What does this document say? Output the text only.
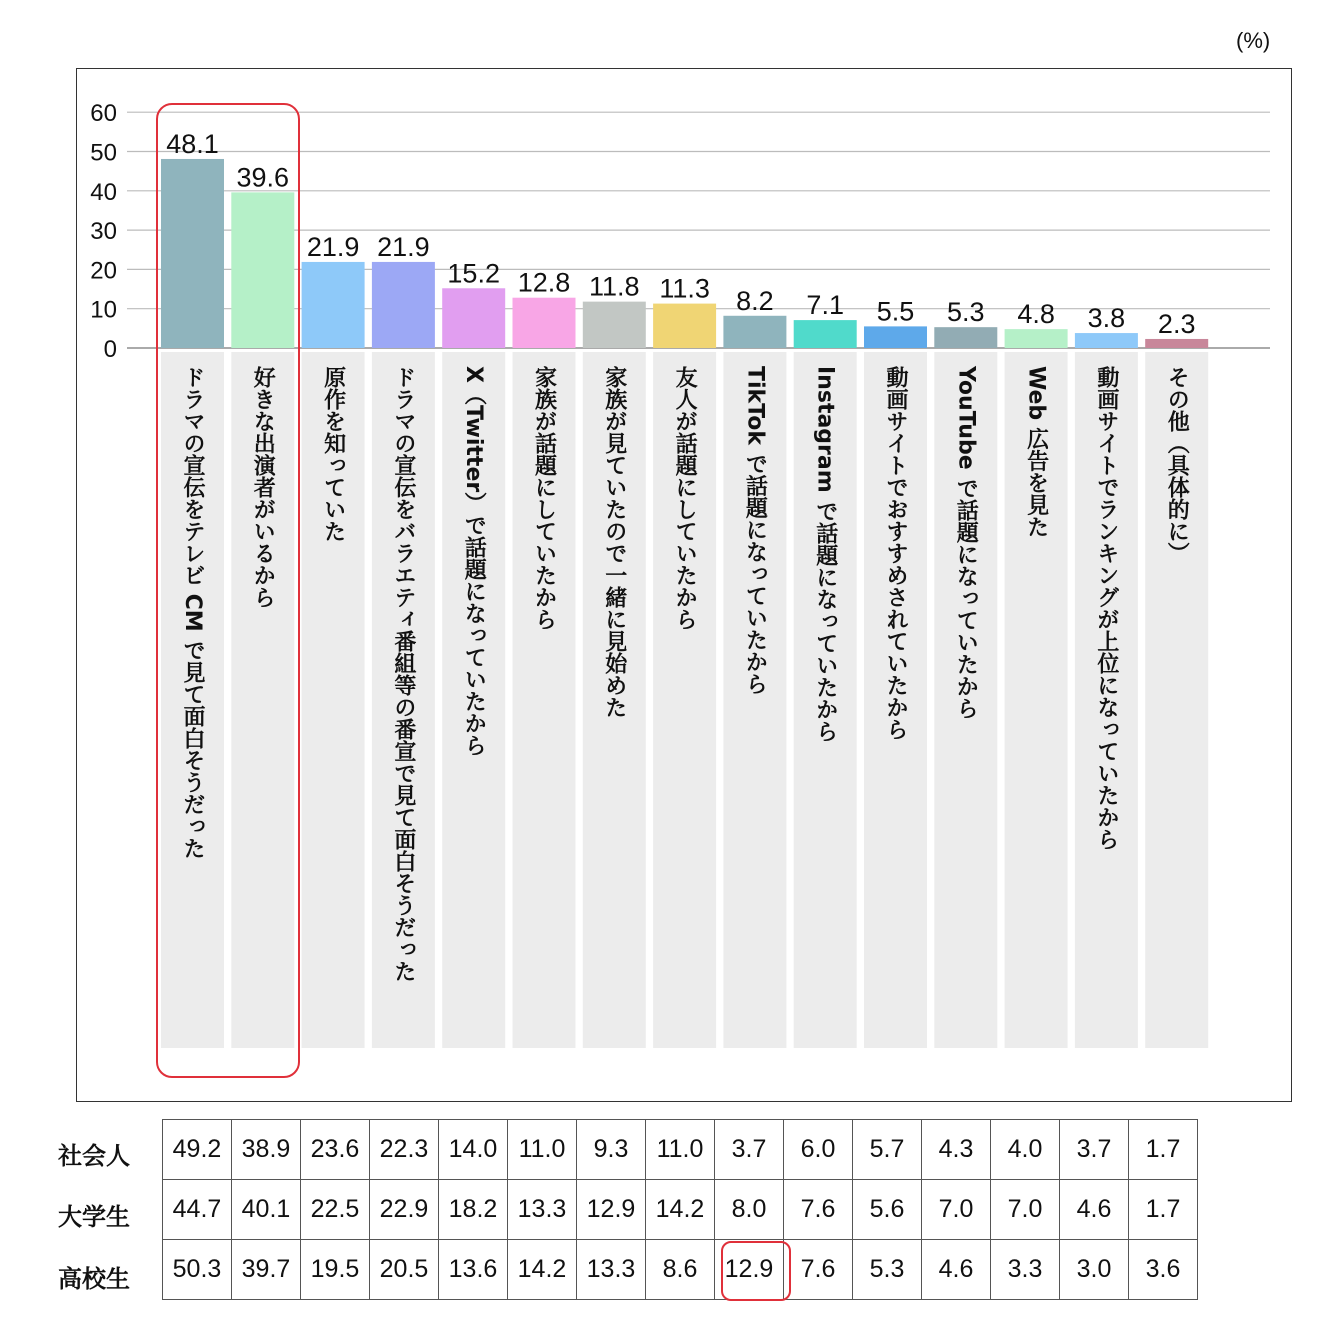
(%)
0
10
20
30
40
50
60
48.1
ドラマの宣伝をテレビ CM で見て面白そうだった
39.6
好きな出演者がいるから
21.9
原作を知っていた
21.9
ドラマの宣伝をバラエティ番組等の番宣で見て面白そうだった
15.2
X（Twitter）で話題になっていたから
12.8
家族が話題にしていたから
11.8
家族が見ていたので一緒に見始めた
11.3
友人が話題にしていたから
8.2
TikTok で話題になっていたから
7.1
Instagram で話題になっていたから
5.5
動画サイトでおすすめされていたから
5.3
YouTube で話題になっていたから
4.8
Web 広告を見た
3.8
動画サイトでランキングが上位になっていたから
2.3
その他（具体的に）
社会人
大学生
高校生
49.2	38.9	23.6	22.3	14.0	11.0	9.3	11.0	3.7	6.0	5.7	4.3	4.0	3.7	1.7
44.7	40.1	22.5	22.9	18.2	13.3	12.9	14.2	8.0	7.6	5.6	7.0	7.0	4.6	1.7
50.3	39.7	19.5	20.5	13.6	14.2	13.3	8.6	12.9	7.6	5.3	4.6	3.3	3.0	3.6
